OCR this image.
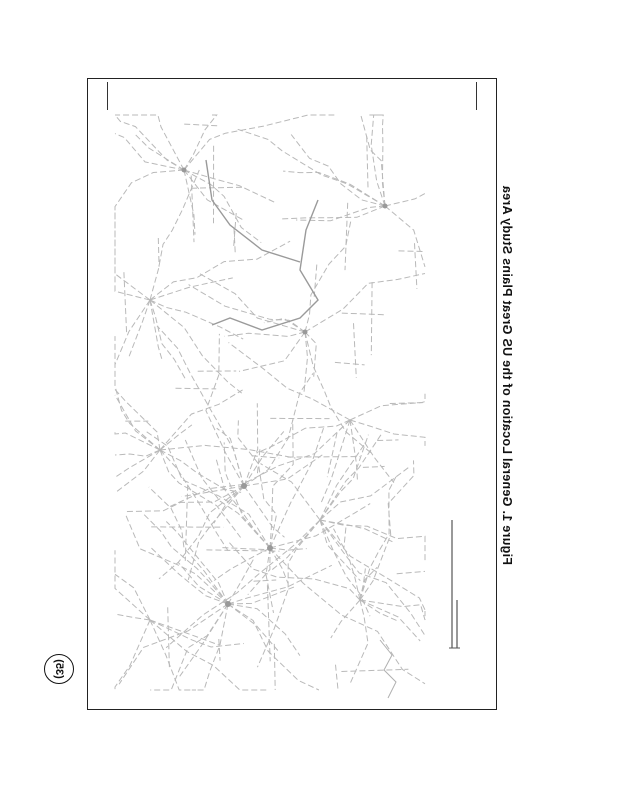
Figure 1. General Location of the US Great Plains Study Area
(35)
